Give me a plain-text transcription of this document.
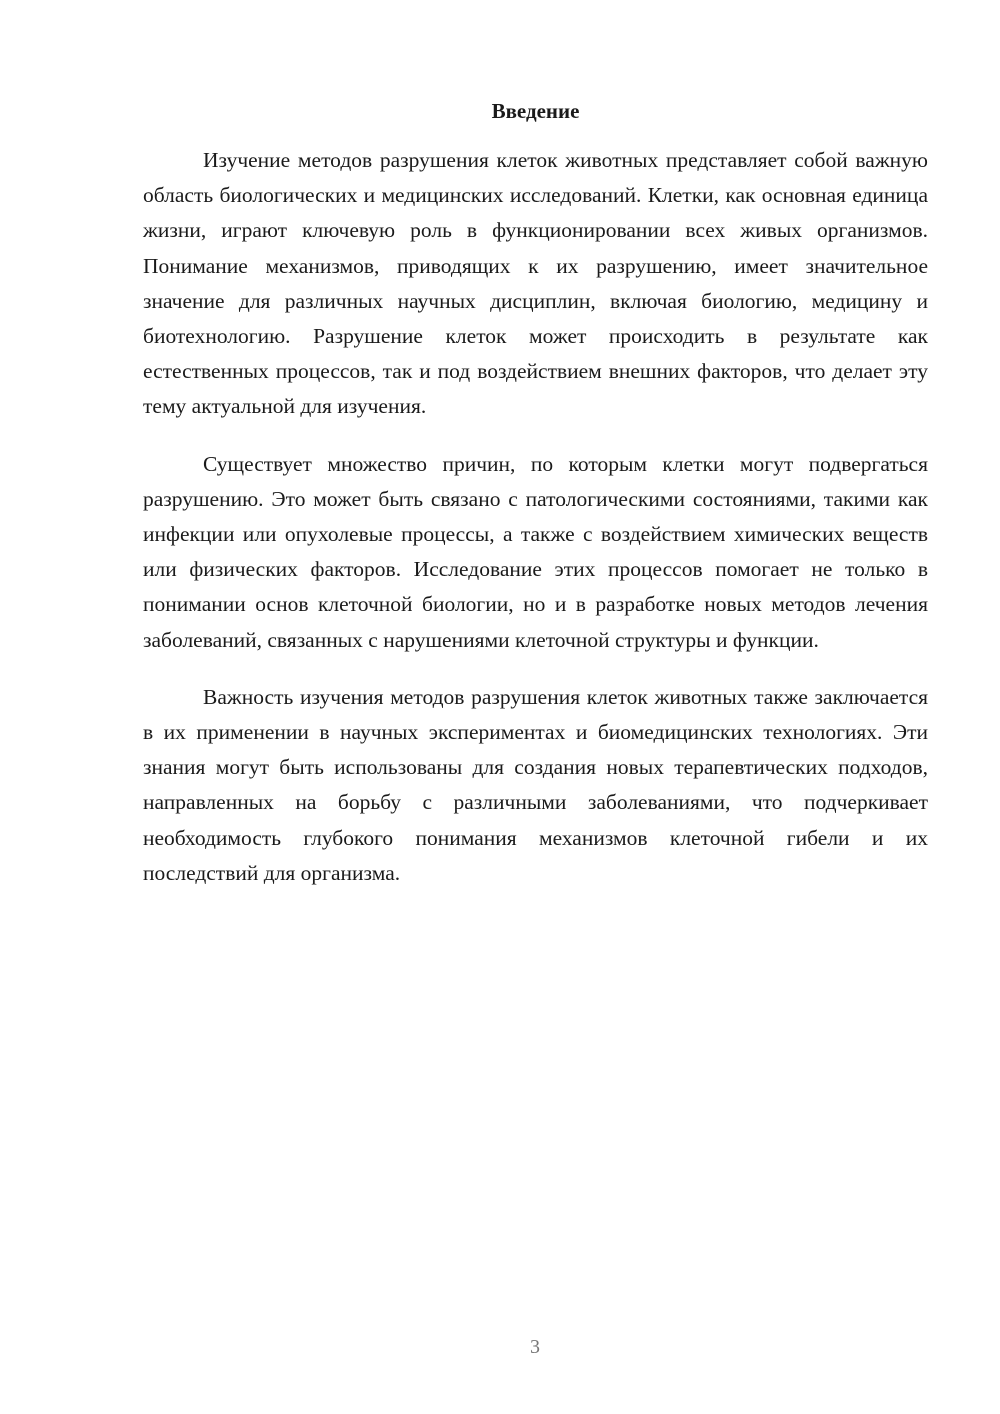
Введение

Изучение методов разрушения клеток животных представляет собой важную область биологических и медицинских исследований. Клетки, как основная единица жизни, играют ключевую роль в функционировании всех живых организмов. Понимание механизмов, приводящих к их разрушению, имеет значительное значение для различных научных дисциплин, включая биологию, медицину и биотехнологию. Разрушение клеток может происходить в результате как естественных процессов, так и под воздействием внешних факторов, что делает эту тему актуальной для изучения.

Существует множество причин, по которым клетки могут подвергаться разрушению. Это может быть связано с патологическими состояниями, такими как инфекции или опухолевые процессы, а также с воздействием химических веществ или физических факторов. Исследование этих процессов помогает не только в понимании основ клеточной биологии, но и в разработке новых методов лечения заболеваний, связанных с нарушениями клеточной структуры и функции.

Важность изучения методов разрушения клеток животных также заключается в их применении в научных экспериментах и биомедицинских технологиях. Эти знания могут быть использованы для создания новых терапевтических подходов, направленных на борьбу с различными заболеваниями, что подчеркивает необходимость глубокого понимания механизмов клеточной гибели и их последствий для организма.

3
